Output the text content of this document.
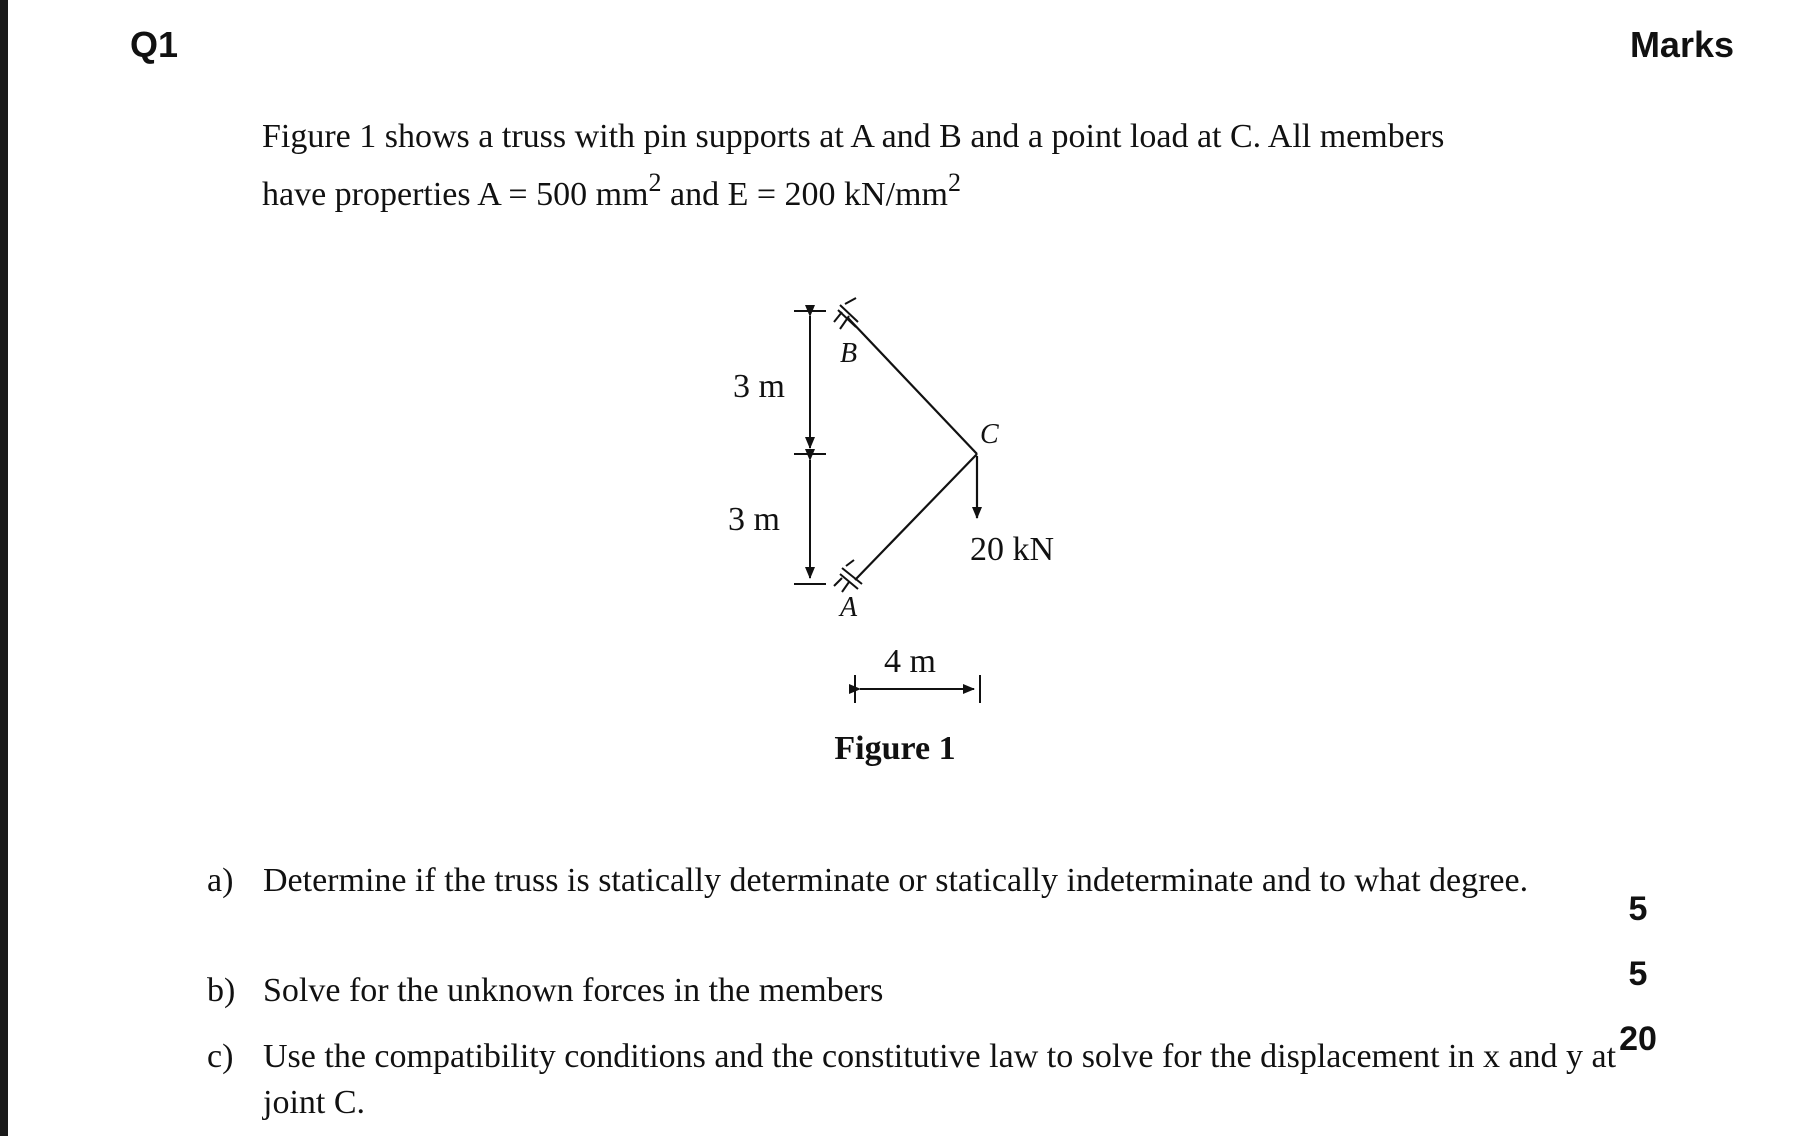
Q1	Marks
Figure 1 shows a truss with pin supports at A and B and a point load at C. All members
have properties A = 500 $mm^2$ and E = 200 $kN/mm^2$
B
C
A
3 m
3 m
4 m
20 kN
Figure 1
a) Determine if the truss is statically determinate or statically indeterminate and to what degree.
5
b) Solve for the unknown forces in the members	5
c) Use the compatibility conditions and the constitutive law to solve for the displacement in x and y at joint C.
20
